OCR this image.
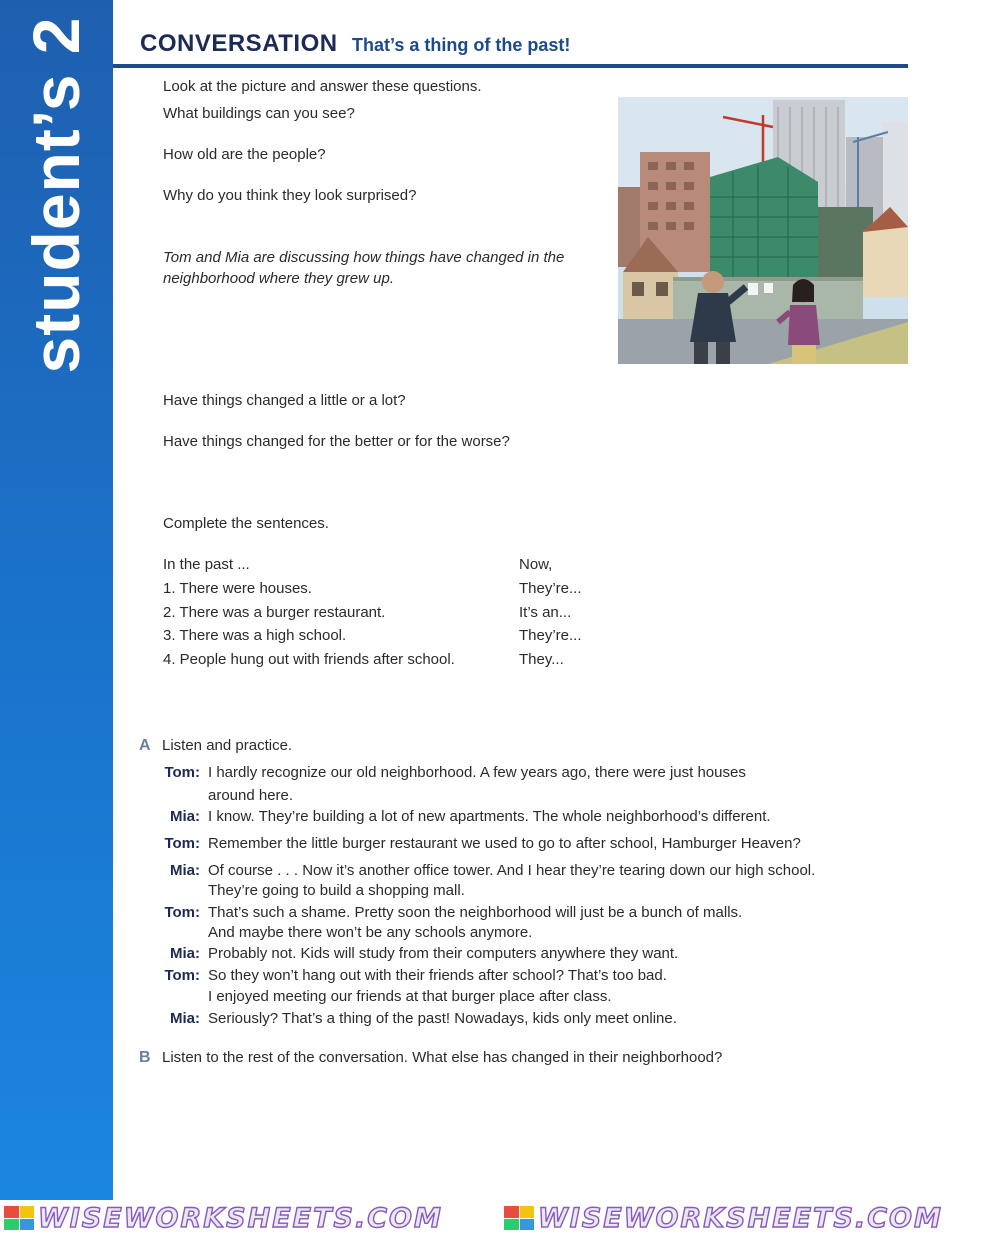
student’s 2 CONVERSATION That’s a thing of the past!
Look at the picture and answer these questions.
What buildings can you see?
How old are the people?
Why do you think they look surprised?
Tom and Mia are discussing how things have changed in the neighborhood where they grew up.
Have things changed a little or a lot?
Have things changed for the better or for the worse?
Complete the sentences.
In the past ...	Now,
1. There were houses.	They’re...
2. There was a burger restaurant.	It’s an...
3. There was a high school.	They’re...
4. People hung out with friends after school.	They...
A Listen and practice.
Tom: I hardly recognize our old neighborhood. A few years ago, there were just houses
around here.
Mia: I know. They’re building a lot of new apartments. The whole neighborhood’s different.
Tom: Remember the little burger restaurant we used to go to after school, Hamburger Heaven?
Mia: Of course . . . Now it’s another office tower. And I hear they’re tearing down our high school.
They’re going to build a shopping mall.
Tom: That’s such a shame. Pretty soon the neighborhood will just be a bunch of malls.
And maybe there won’t be any schools anymore.
Mia: Probably not. Kids will study from their computers anywhere they want.
Tom: So they won’t hang out with their friends after school? That’s too bad.
I enjoyed meeting our friends at that burger place after class.
Mia: Seriously? That’s a thing of the past! Nowadays, kids only meet online.
B Listen to the rest of the conversation. What else has changed in their neighborhood?
WISEWORKSHEETS.COM	WISEWORKSHEETS.COM
